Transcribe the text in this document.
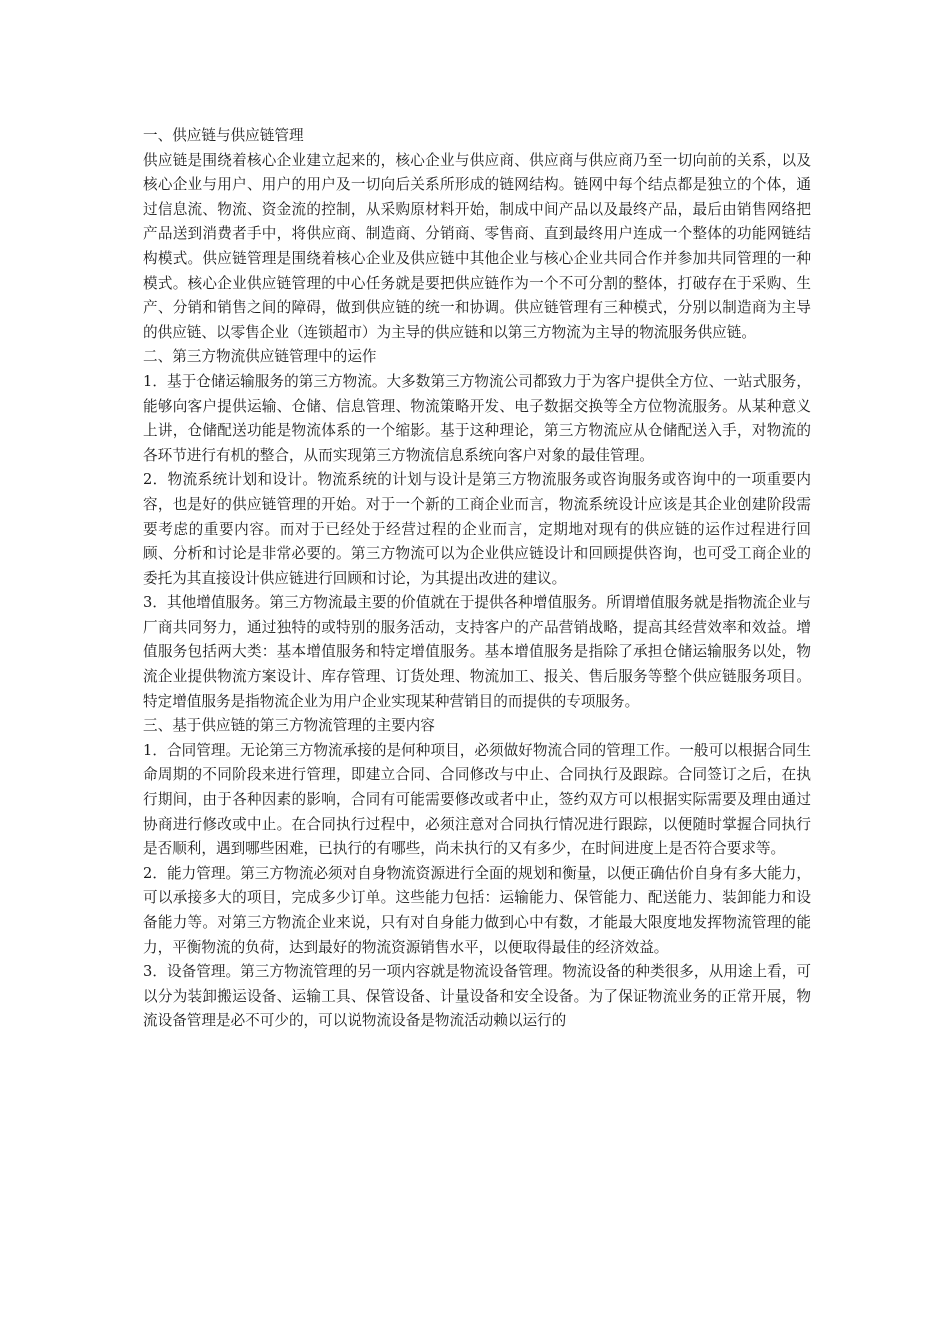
一、供应链与供应链管理

供应链是围绕着核心企业建立起来的，核心企业与供应商、供应商与供应商乃至一切向前的关系，以及核心企业与用户、用户的用户及一切向后关系所形成的链网结构。链网中每个结点都是独立的个体，通过信息流、物流、资金流的控制，从采购原材料开始，制成中间产品以及最终产品，最后由销售网络把产品送到消费者手中，将供应商、制造商、分销商、零售商、直到最终用户连成一个整体的功能网链结构模式。供应链管理是围绕着核心企业及供应链中其他企业与核心企业共同合作并参加共同管理的一种模式。核心企业供应链管理的中心任务就是要把供应链作为一个不可分割的整体，打破存在于采购、生产、分销和销售之间的障碍，做到供应链的统一和协调。供应链管理有三种模式，分别以制造商为主导的供应链、以零售企业（连锁超市）为主导的供应链和以第三方物流为主导的物流服务供应链。

二、第三方物流供应链管理中的运作

1．基于仓储运输服务的第三方物流。大多数第三方物流公司都致力于为客户提供全方位、一站式服务，能够向客户提供运输、仓储、信息管理、物流策略开发、电子数据交换等全方位物流服务。从某种意义上讲，仓储配送功能是物流体系的一个缩影。基于这种理论，第三方物流应从仓储配送入手，对物流的各环节进行有机的整合，从而实现第三方物流信息系统向客户对象的最佳管理。

2．物流系统计划和设计。物流系统的计划与设计是第三方物流服务或咨询服务或咨询中的一项重要内容，也是好的供应链管理的开始。对于一个新的工商企业而言，物流系统设计应该是其企业创建阶段需要考虑的重要内容。而对于已经处于经营过程的企业而言，定期地对现有的供应链的运作过程进行回顾、分析和讨论是非常必要的。第三方物流可以为企业供应链设计和回顾提供咨询，也可受工商企业的委托为其直接设计供应链进行回顾和讨论，为其提出改进的建议。

3．其他增值服务。第三方物流最主要的价值就在于提供各种增值服务。所谓增值服务就是指物流企业与厂商共同努力，通过独特的或特别的服务活动，支持客户的产品营销战略，提高其经营效率和效益。增值服务包括两大类：基本增值服务和特定增值服务。基本增值服务是指除了承担仓储运输服务以处，物流企业提供物流方案设计、库存管理、订货处理、物流加工、报关、售后服务等整个供应链服务项目。特定增值服务是指物流企业为用户企业实现某种营销目的而提供的专项服务。

三、基于供应链的第三方物流管理的主要内容

1．合同管理。无论第三方物流承接的是何种项目，必须做好物流合同的管理工作。一般可以根据合同生命周期的不同阶段来进行管理，即建立合同、合同修改与中止、合同执行及跟踪。合同签订之后，在执行期间，由于各种因素的影响，合同有可能需要修改或者中止，签约双方可以根据实际需要及理由通过协商进行修改或中止。在合同执行过程中，必须注意对合同执行情况进行跟踪，以便随时掌握合同执行是否顺利，遇到哪些困难，已执行的有哪些，尚未执行的又有多少，在时间进度上是否符合要求等。

2．能力管理。第三方物流必须对自身物流资源进行全面的规划和衡量，以便正确估价自身有多大能力，可以承接多大的项目，完成多少订单。这些能力包括：运输能力、保管能力、配送能力、装卸能力和设备能力等。对第三方物流企业来说，只有对自身能力做到心中有数，才能最大限度地发挥物流管理的能力，平衡物流的负荷，达到最好的物流资源销售水平，以便取得最佳的经济效益。

3．设备管理。第三方物流管理的另一项内容就是物流设备管理。物流设备的种类很多，从用途上看，可以分为装卸搬运设备、运输工具、保管设备、计量设备和安全设备。为了保证物流业务的正常开展，物流设备管理是必不可少的，可以说物流设备是物流活动赖以运行的
